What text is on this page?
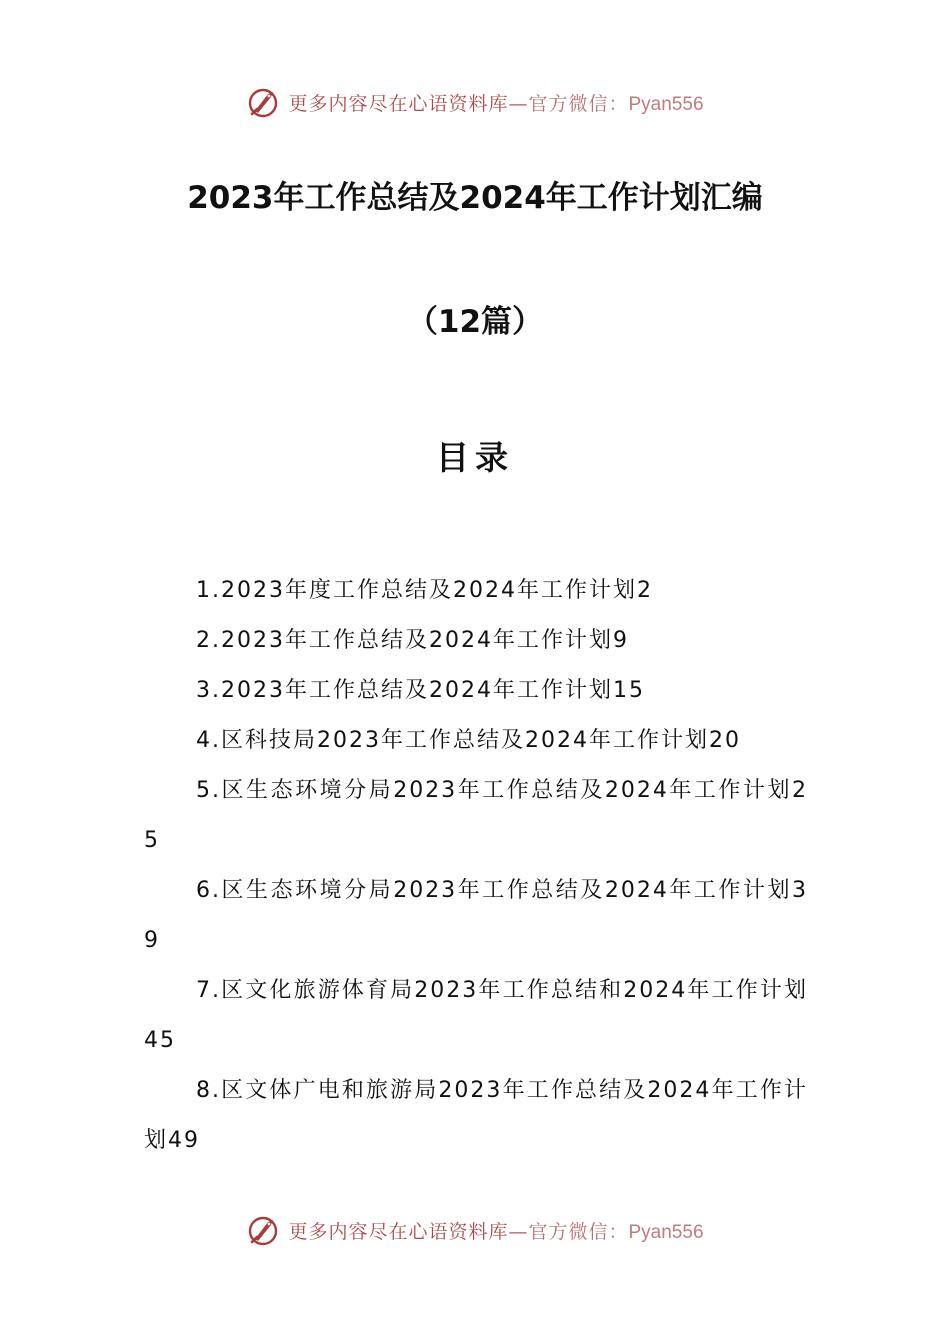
更多内容尽在心语资料库—官方微信：Pyan556
2023年工作总结及2024年工作计划汇编
（12篇）
目录
1.2023年度工作总结及2024年工作计划2
2.2023年工作总结及2024年工作计划9
3.2023年工作总结及2024年工作计划15
4.区科技局2023年工作总结及2024年工作计划20
5.区生态环境分局2023年工作总结及2024年工作计划25
6.区生态环境分局2023年工作总结及2024年工作计划39
7.区文化旅游体育局2023年工作总结和2024年工作计划45
8.区文体广电和旅游局2023年工作总结及2024年工作计划49
更多内容尽在心语资料库—官方微信：Pyan556
